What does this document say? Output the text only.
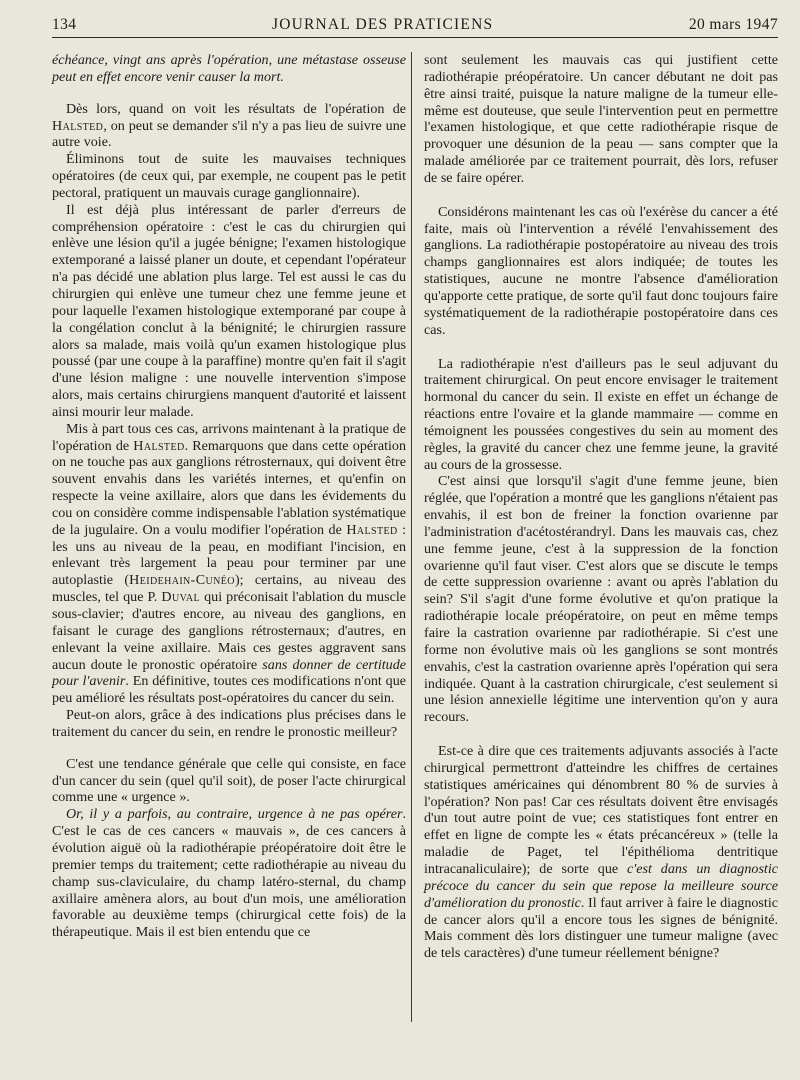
134	JOURNAL DES PRATICIENS	20 mars 1947

échéance, vingt ans après l'opération, une métastase osseuse peut en effet encore venir causer la mort.

Dès lors, quand on voit les résultats de l'opération de Halsted, on peut se demander s'il n'y a pas lieu de suivre une autre voie.

Éliminons tout de suite les mauvaises techniques opératoires (de ceux qui, par exemple, ne coupent pas le petit pectoral, pratiquent un mauvais curage ganglionnaire).

Il est déjà plus intéressant de parler d'erreurs de compréhension opératoire : c'est le cas du chirurgien qui enlève une lésion qu'il a jugée bénigne; l'examen histologique extemporané a laissé planer un doute, et cependant l'opérateur n'a pas décidé une ablation plus large. Tel est aussi le cas du chirurgien qui enlève une tumeur chez une femme jeune et pour laquelle l'examen histologique extemporané par coupe à la congélation conclut à la bénignité; le chirurgien rassure alors sa malade, mais voilà qu'un examen histologique plus poussé (par une coupe à la paraffine) montre qu'en fait il s'agit d'une lésion maligne : une nouvelle intervention s'impose alors, mais certains chirurgiens manquent d'autorité et laissent ainsi mourir leur malade.

Mis à part tous ces cas, arrivons maintenant à la pratique de l'opération de Halsted. Remarquons que dans cette opération on ne touche pas aux ganglions rétrosternaux, qui doivent être souvent envahis dans les variétés internes, et qu'enfin on respecte la veine axillaire, alors que dans les évidements du cou on considère comme indispensable l'ablation systématique de la jugulaire. On a voulu modifier l'opération de Halsted : les uns au niveau de la peau, en modifiant l'incision, en enlevant très largement la peau pour terminer par une autoplastie (Heidehain-Cunéo); certains, au niveau des muscles, tel que P. Duval qui préconisait l'ablation du muscle sous-clavier; d'autres encore, au niveau des ganglions, en faisant le curage des ganglions rétrosternaux; d'autres, en enlevant la veine axillaire. Mais ces gestes aggravent sans aucun doute le pronostic opératoire sans donner de certitude pour l'avenir. En définitive, toutes ces modifications n'ont que peu amélioré les résultats post-opératoires du cancer du sein.

Peut-on alors, grâce à des indications plus précises dans le traitement du cancer du sein, en rendre le pronostic meilleur?

C'est une tendance générale que celle qui consiste, en face d'un cancer du sein (quel qu'il soit), de poser l'acte chirurgical comme une « urgence ».

Or, il y a parfois, au contraire, urgence à ne pas opérer. C'est le cas de ces cancers « mauvais », de ces cancers à évolution aiguë où la radiothérapie préopératoire doit être le premier temps du traitement; cette radiothérapie au niveau du champ sus-claviculaire, du champ latéro-sternal, du champ axillaire amènera alors, au bout d'un mois, une amélioration favorable au deuxième temps (chirurgical cette fois) de la thérapeutique. Mais il est bien entendu que ce

sont seulement les mauvais cas qui justifient cette radiothérapie préopératoire. Un cancer débutant ne doit pas être ainsi traité, puisque la nature maligne de la tumeur elle-même est douteuse, que seule l'intervention peut en permettre l'examen histologique, et que cette radiothérapie risque de provoquer une désunion de la peau — sans compter que la malade améliorée par ce traitement pourrait, dès lors, refuser de se faire opérer.

Considérons maintenant les cas où l'exérèse du cancer a été faite, mais où l'intervention a révélé l'envahissement des ganglions. La radiothérapie postopératoire au niveau des trois champs ganglionnaires est alors indiquée; de toutes les statistiques, aucune ne montre l'absence d'amélioration qu'apporte cette pratique, de sorte qu'il faut donc toujours faire systématiquement de la radiothérapie postopératoire dans ces cas.

La radiothérapie n'est d'ailleurs pas le seul adjuvant du traitement chirurgical. On peut encore envisager le traitement hormonal du cancer du sein. Il existe en effet un échange de réactions entre l'ovaire et la glande mammaire — comme en témoignent les poussées congestives du sein au moment des règles, la gravité du cancer chez une femme jeune, la gravité au cours de la grossesse.

C'est ainsi que lorsqu'il s'agit d'une femme jeune, bien réglée, que l'opération a montré que les ganglions n'étaient pas envahis, il est bon de freiner la fonction ovarienne par l'administration d'acétostérandryl. Dans les mauvais cas, chez une femme jeune, c'est à la suppression de la fonction ovarienne qu'il faut viser. C'est alors que se discute le temps de cette suppression ovarienne : avant ou après l'ablation du sein? S'il s'agit d'une forme évolutive et qu'on pratique la radiothérapie locale préopératoire, on peut en même temps faire la castration ovarienne par radiothérapie. Si c'est une forme non évolutive mais où les ganglions se sont montrés envahis, c'est la castration ovarienne après l'opération qui sera indiquée. Quant à la castration chirurgicale, c'est seulement si une lésion annexielle légitime une intervention qu'on y aura recours.

Est-ce à dire que ces traitements adjuvants associés à l'acte chirurgical permettront d'atteindre les chiffres de certaines statistiques américaines qui dénombrent 80 % de survies à l'opération? Non pas! Car ces résultats doivent être envisagés d'un tout autre point de vue; ces statistiques font entrer en effet en ligne de compte les « états précancéreux » (telle la maladie de Paget, tel l'épithélioma dentritique intracanaliculaire); de sorte que c'est dans un diagnostic précoce du cancer du sein que repose la meilleure source d'amélioration du pronostic. Il faut arriver à faire le diagnostic de cancer alors qu'il a encore tous les signes de bénignité. Mais comment dès lors distinguer une tumeur maligne (avec de tels caractères) d'une tumeur réellement bénigne?
